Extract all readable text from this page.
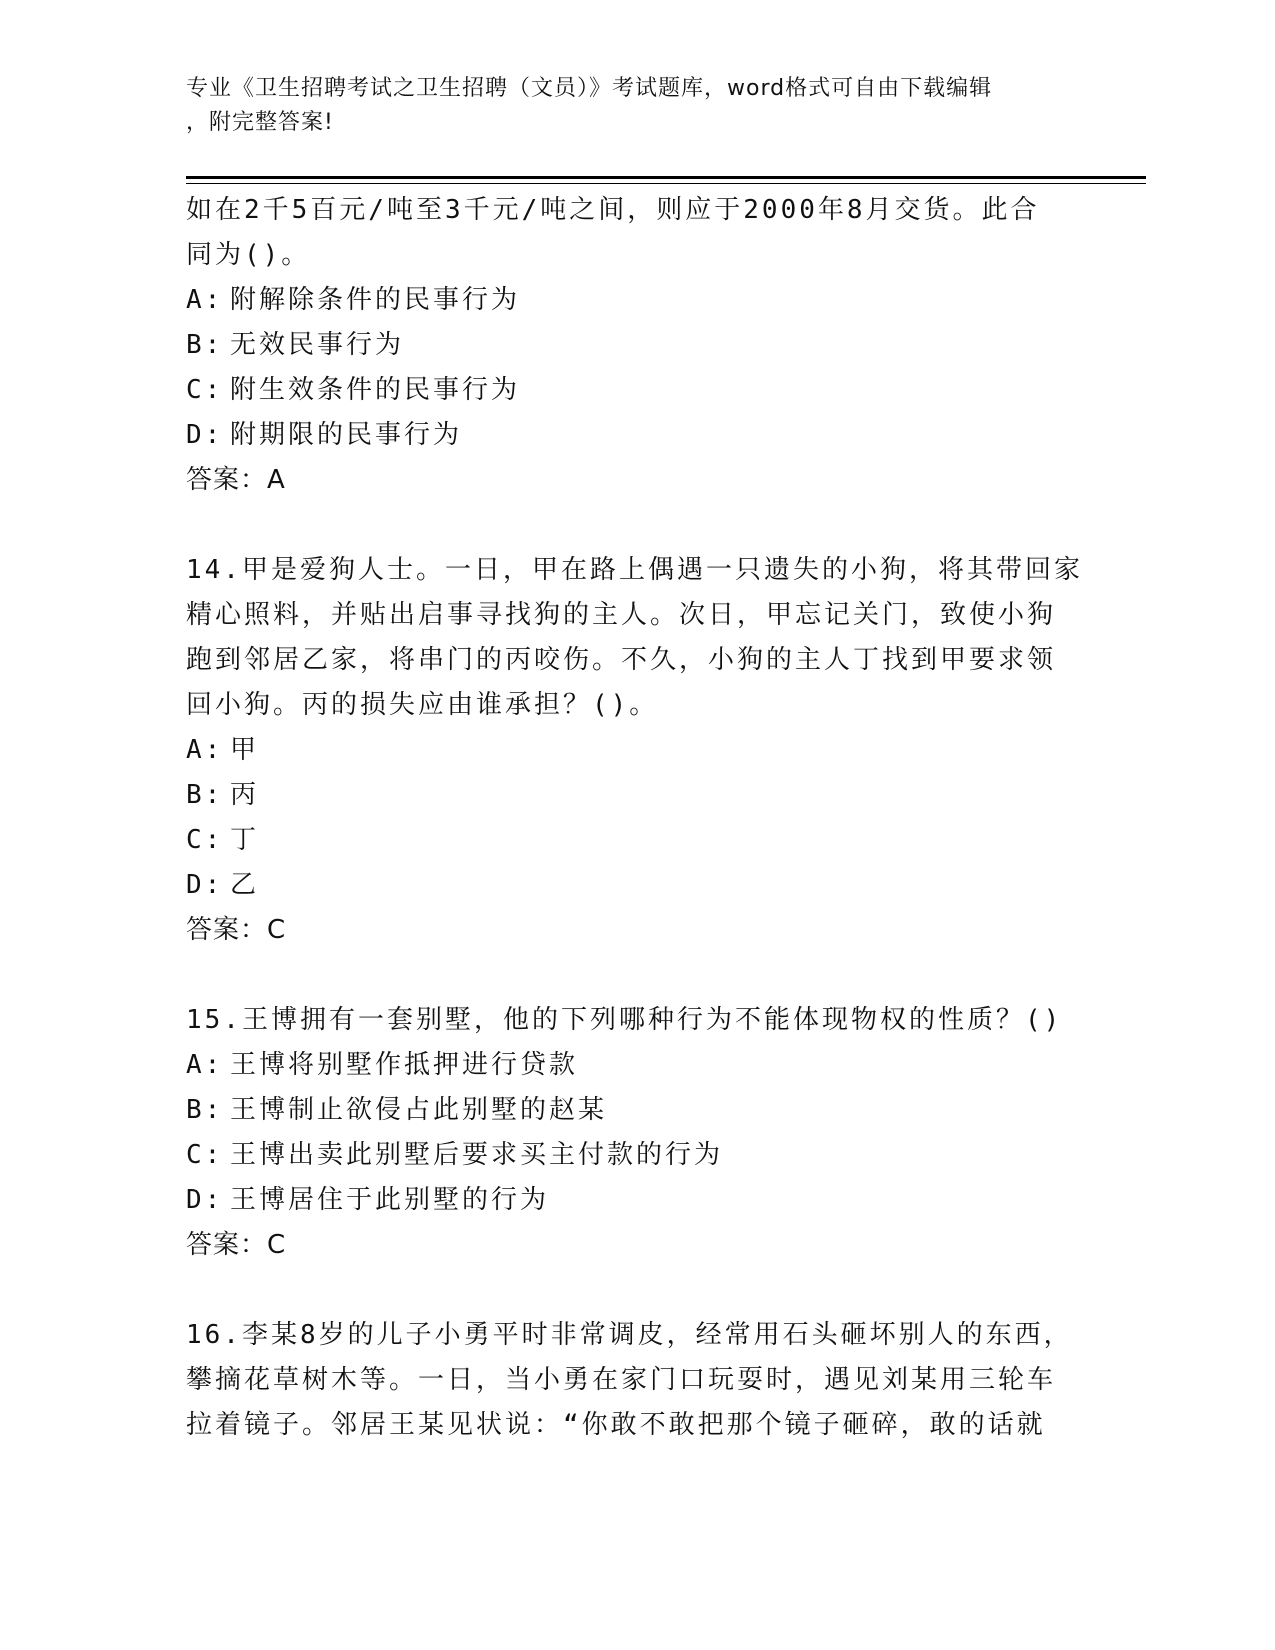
专业《卫生招聘考试之卫生招聘（文员）》考试题库，word格式可自由下载编辑
，附完整答案!
如在2千5百元/吨至3千元/吨之间，则应于2000年8月交货。此合
同为()。
A: 附解除条件的民事行为
B: 无效民事行为
C: 附生效条件的民事行为
D: 附期限的民事行为
答案：A
14.甲是爱狗人士。一日，甲在路上偶遇一只遗失的小狗，将其带回家
精心照料，并贴出启事寻找狗的主人。次日，甲忘记关门，致使小狗
跑到邻居乙家，将串门的丙咬伤。不久，小狗的主人丁找到甲要求领
回小狗。丙的损失应由谁承担？()。
A: 甲
B: 丙
C: 丁
D: 乙
答案：C
15.王博拥有一套别墅，他的下列哪种行为不能体现物权的性质？()
A: 王博将别墅作抵押进行贷款
B: 王博制止欲侵占此别墅的赵某
C: 王博出卖此别墅后要求买主付款的行为
D: 王博居住于此别墅的行为
答案：C
16.李某8岁的儿子小勇平时非常调皮，经常用石头砸坏别人的东西，
攀摘花草树木等。一日，当小勇在家门口玩耍时，遇见刘某用三轮车
拉着镜子。邻居王某见状说：“你敢不敢把那个镜子砸碎，敢的话就
